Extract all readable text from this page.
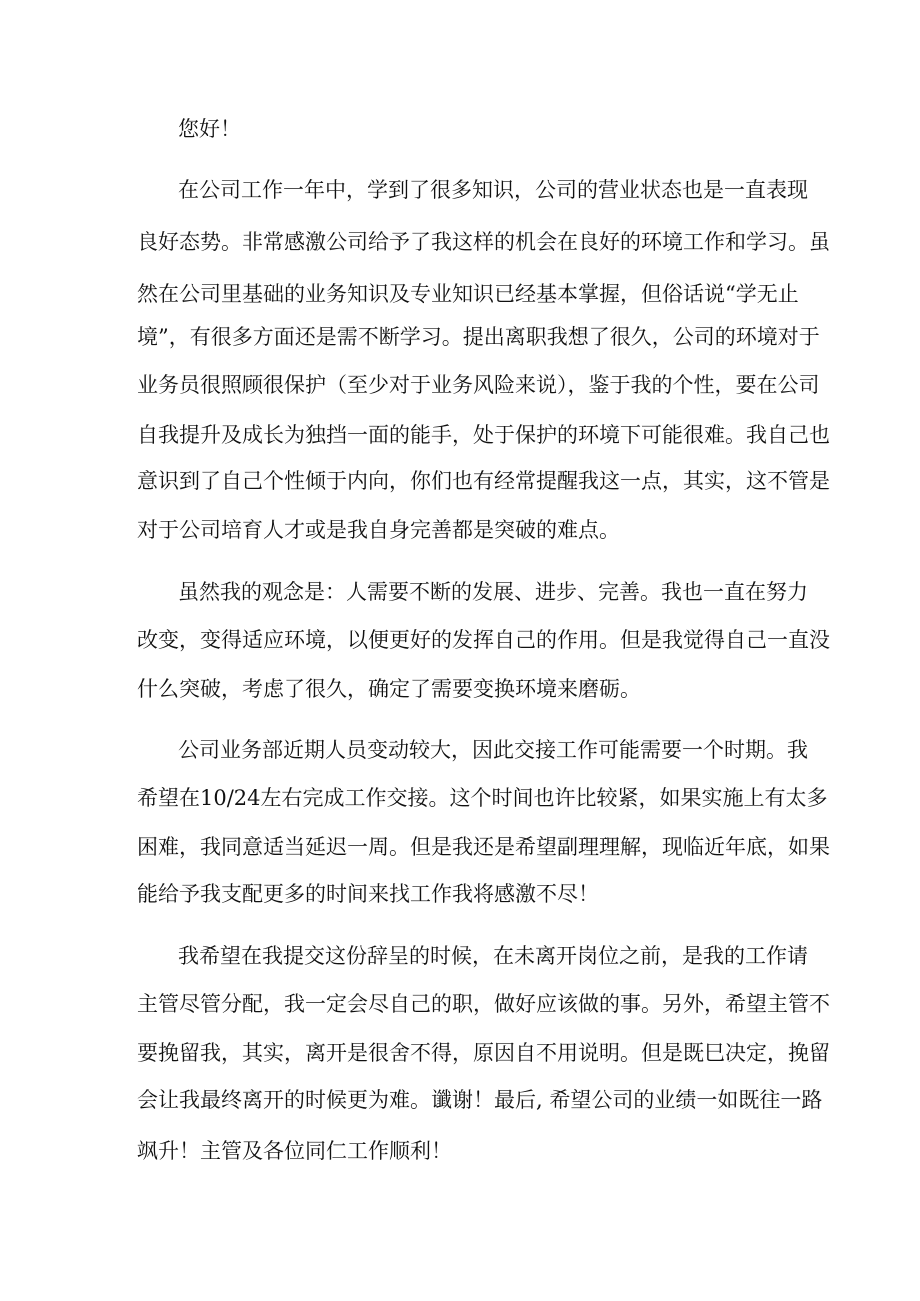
您好！
在公司工作一年中，学到了很多知识，公司的营业状态也是一直表现
良好态势。非常感激公司给予了我这样的机会在良好的环境工作和学习。虽
然在公司里基础的业务知识及专业知识已经基本掌握，但俗话说“学无止
境”，有很多方面还是需不断学习。提出离职我想了很久，公司的环境对于
业务员很照顾很保护（至少对于业务风险来说），鉴于我的个性，要在公司
自我提升及成长为独挡一面的能手，处于保护的环境下可能很难。我自己也
意识到了自己个性倾于内向，你们也有经常提醒我这一点，其实，这不管是
对于公司培育人才或是我自身完善都是突破的难点。
虽然我的观念是：人需要不断的发展、进步、完善。我也一直在努力
改变，变得适应环境，以便更好的发挥自己的作用。但是我觉得自己一直没
什么突破，考虑了很久，确定了需要变换环境来磨砺。
公司业务部近期人员变动较大，因此交接工作可能需要一个时期。我
希望在10/24左右完成工作交接。这个时间也许比较紧，如果实施上有太多
困难，我同意适当延迟一周。但是我还是希望副理理解，现临近年底，如果
能给予我支配更多的时间来找工作我将感激不尽！
我希望在我提交这份辞呈的时候，在未离开岗位之前，是我的工作请
主管尽管分配，我一定会尽自己的职，做好应该做的事。另外，希望主管不
要挽留我，其实，离开是很舍不得，原因自不用说明。但是既巳决定，挽留
会让我最终离开的时候更为难。谶谢！最后, 希望公司的业绩一如既往一路
飒升！主管及各位同仁工作顺利！
